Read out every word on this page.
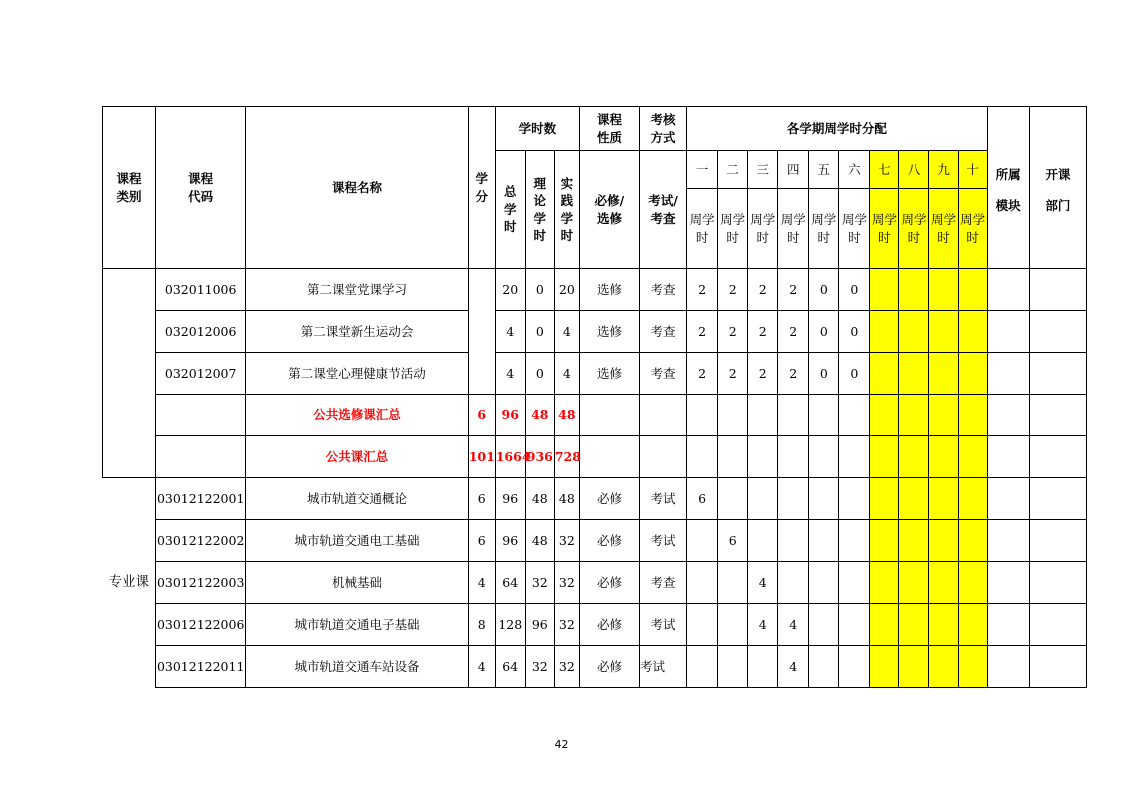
课程类别	课程代码	课程名称	学分	学时数			课程性质	考核方式	各学期周学时分配										所属模块	开课部门
				总学时	理论学时	实践学时	必修/选修	考试/考查	一	二	三	四	五	六	七	八	九	十		
									周学时	周学时	周学时	周学时	周学时	周学时	周学时	周学时	周学时	周学时		
	032011006	第二课堂党课学习		20	0	20	选修	考查	2	2	2	2	0	0						
	032012006	第二课堂新生运动会		4	0	4	选修	考查	2	2	2	2	0	0						
	032012007	第二课堂心理健康节活动		4	0	4	选修	考查	2	2	2	2	0	0						
		公共选修课汇总	6	96	48	48														
		公共课汇总	101	1664	936	728														
专业课	03012122001	城市轨道交通概论	6	96	48	48	必修	考试	6											
	03012122002	城市轨道交通电工基础	6	96	48	32	必修	考试		6										
	03012122003	机械基础	4	64	32	32	必修	考查			4									
	03012122006	城市轨道交通电子基础	8	128	96	32	必修	考试			4	4								
	03012122011	城市轨道交通车站设备	4	64	32	32	必修	考试				4								
42
